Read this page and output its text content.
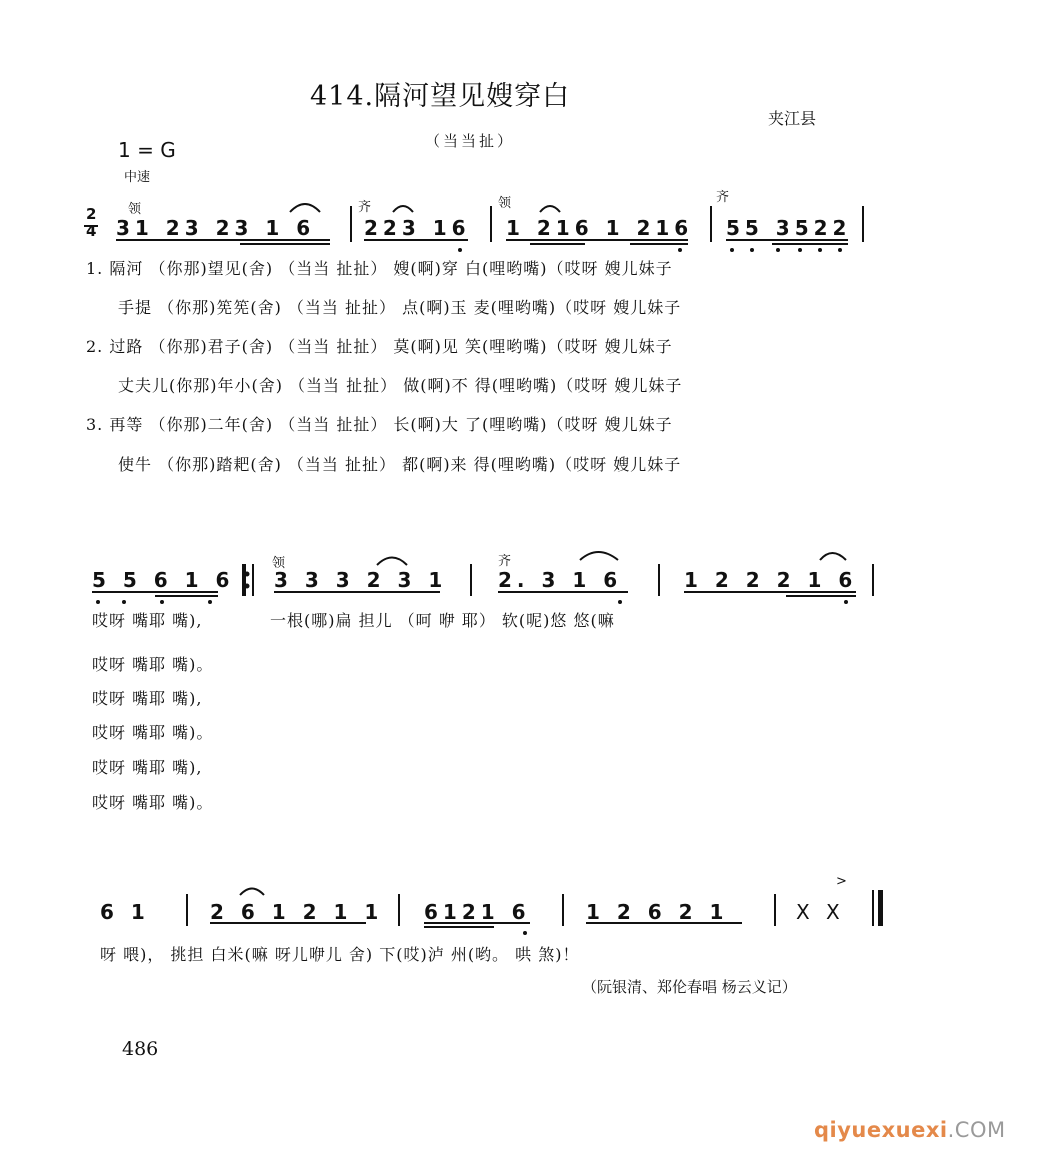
414.隔河望见嫂穿白
（当当扯）
夹江县
1 = G
中速
2
4
领	齐	领	齐
31 23 23 1 6 223 16 1 216 1 216 55 3522
1. 隔河 （你那)望见(舍) （当当 扯扯） 嫂(啊)穿 白(哩哟嘴)（哎呀 嫂儿妹子
手提 （你那)筅筅(舍) （当当 扯扯） 点(啊)玉 麦(哩哟嘴)（哎呀 嫂儿妹子
2. 过路 （你那)君子(舍) （当当 扯扯） 莫(啊)见 笑(哩哟嘴)（哎呀 嫂儿妹子
丈夫儿(你那)年小(舍) （当当 扯扯） 做(啊)不 得(哩哟嘴)（哎呀 嫂儿妹子
3. 再等 （你那)二年(舍) （当当 扯扯） 长(啊)大 了(哩哟嘴)（哎呀 嫂儿妹子
使牛 （你那)踏耙(舍) （当当 扯扯） 都(啊)来 得(哩哟嘴)（哎呀 嫂儿妹子
领	齐
5 5 6 1 6 3 3 3 2 3 1	2. 3 1 6	1 2 2 2 1 6
哎呀 嘴耶 嘴),	一根(哪)扁 担儿 （呵 咿 耶） 软(呢)悠 悠(嘛
哎呀 嘴耶 嘴)。
哎呀 嘴耶 嘴),
哎呀 嘴耶 嘴)。
哎呀 嘴耶 嘴),
哎呀 嘴耶 嘴)。
>
6 1	2 6 1 2 1 1 6121 6	1 2 6 2 1	X X
呀 喂)， 挑担 白米(嘛 呀儿咿儿 舍) 下(哎)泸 州(哟。 哄 煞)！
（阮银清、郑伦春唱 杨云义记）
486
qiyuexuexi.COM
